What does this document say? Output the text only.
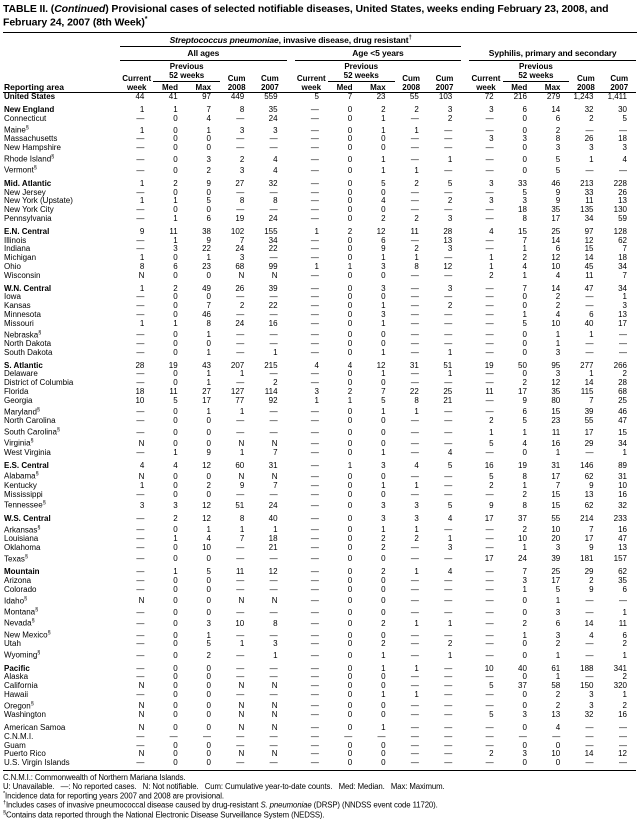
TABLE II. (Continued) Provisional cases of selected notifiable diseases, United States, weeks ending February 23, 2008, and February 24, 2007 (8th Week)*
Reporting area	Streptococcus pneumoniae, invasive disease, drug resistant†	
	All ages						Age <5 years						Syphilis, primary and secondary				
	Current week	Previous 52 weeks		Cum 2008	Cum 2007		Current week	Previous 52 weeks		Cum 2008	Cum 2007		Current week	Previous 52 weeks		Cum 2008	Cum 2007
		Med	Max					Med	Max					Med	Max		
United States	44	41	97	449	559		5	7	23	55	103		72	216	279	1,243	1,411
New England	1	1	7	8	35		—	0	2	2	3		3	6	14	32	30
Connecticut	—	0	4	—	24		—	0	1	—	2		—	0	6	2	5
Maine§	1	0	1	3	3		—	0	1	1	—		—	0	2	—	—
Massachusetts	—	0	0	—	—		—	0	0	—	—		3	3	8	26	18
New Hampshire	—	0	0	—	—		—	0	0	—	—		—	0	3	3	3
Rhode Island§	—	0	3	2	4		—	0	1	—	1		—	0	5	1	4
Vermont§	—	0	2	3	4		—	0	1	1	—		—	0	5	—	—
Mid. Atlantic	1	2	9	27	32		—	0	5	2	5		3	33	46	213	228
New Jersey	—	0	0	—	—		—	0	0	—	—		—	5	9	33	26
New York (Upstate)	1	1	5	8	8		—	0	4	—	2		3	3	9	11	13
New York City	—	0	0	—	—		—	0	0	—	—		—	18	35	135	130
Pennsylvania	—	1	6	19	24		—	0	2	2	3		—	8	17	34	59
E.N. Central	9	11	38	102	155		1	2	12	11	28		4	15	25	97	128
Illinois	—	1	9	7	34		—	0	6	—	13		—	7	14	12	62
Indiana	—	3	22	24	22		—	0	9	2	3		—	1	6	15	7
Michigan	1	0	1	3	—		—	0	1	1	—		1	2	12	14	18
Ohio	8	6	23	68	99		1	1	3	8	12		1	4	10	45	34
Wisconsin	N	0	0	N	N		—	0	0	—	—		2	1	4	11	7
W.N. Central	1	2	49	26	39		—	0	3	—	3		—	7	14	47	34
Iowa	—	0	0	—	—		—	0	0	—	—		—	0	2	—	1
Kansas	—	0	7	2	22		—	0	1	—	2		—	0	2	—	3
Minnesota	—	0	46	—	—		—	0	3	—	—		—	1	4	6	13
Missouri	1	1	8	24	16		—	0	1	—	—		—	5	10	40	17
Nebraska§	—	0	1	—	—		—	0	0	—	—		—	0	1	1	—
North Dakota	—	0	0	—	—		—	0	0	—	—		—	0	1	—	—
South Dakota	—	0	1	—	1		—	0	1	—	1		—	0	3	—	—
S. Atlantic	28	19	43	207	215		4	4	12	31	51		19	50	95	277	266
Delaware	—	0	1	1	—		—	0	1	—	1		—	0	3	1	2
District of Columbia	—	0	1	—	2		—	0	0	—	—		—	2	12	14	28
Florida	18	11	27	127	114		3	2	7	22	25		11	17	35	115	68
Georgia	10	5	17	77	92		1	1	5	8	21		—	9	80	7	25
Maryland§	—	0	1	1	—		—	0	1	1	—		—	6	15	39	46
North Carolina	—	0	0	—	—		—	0	0	—	—		2	5	23	55	47
South Carolina§	—	0	0	—	—		—	0	0	—	—		1	1	11	17	15
Virginia§	N	0	0	N	N		—	0	0	—	—		5	4	16	29	34
West Virginia	—	1	9	1	7		—	0	1	—	4		—	0	1	—	1
E.S. Central	4	4	12	60	31		—	1	3	4	5		16	19	31	146	89
Alabama§	N	0	0	N	N		—	0	0	—	—		5	8	17	62	31
Kentucky	1	0	2	9	7		—	0	1	1	—		2	1	7	9	10
Mississippi	—	0	0	—	—		—	0	0	—	—		—	2	15	13	16
Tennessee§	3	3	12	51	24		—	0	3	3	5		9	8	15	62	32
W.S. Central	—	2	12	8	40		—	0	3	3	4		17	37	55	214	233
Arkansas§	—	0	1	1	1		—	0	1	1	—		—	2	10	7	16
Louisiana	—	1	4	7	18		—	0	2	2	1		—	10	20	17	47
Oklahoma	—	0	10	—	21		—	0	2	—	3		—	1	3	9	13
Texas§	—	0	0	—	—		—	0	0	—	—		17	24	39	181	157
Mountain	—	1	5	11	12		—	0	2	1	4		—	7	25	29	62
Arizona	—	0	0	—	—		—	0	0	—	—		—	3	17	2	35
Colorado	—	0	0	—	—		—	0	0	—	—		—	1	5	9	6
Idaho§	N	0	0	N	N		—	0	0	—	—		—	0	1	—	—
Montana§	—	0	0	—	—		—	0	0	—	—		—	0	3	—	1
Nevada§	—	0	3	10	8		—	0	2	1	1		—	2	6	14	11
New Mexico§	—	0	1	—	—		—	0	0	—	—		—	1	3	4	6
Utah	—	0	5	1	3		—	0	2	—	2		—	0	2	—	2
Wyoming§	—	0	2	—	1		—	0	1	—	1		—	0	1	—	1
Pacific	—	0	0	—	—		—	0	1	1	—		10	40	61	188	341
Alaska	—	0	0	—	—		—	0	0	—	—		—	0	1	—	2
California	N	0	0	N	N		—	0	0	—	—		5	37	58	150	320
Hawaii	—	0	0	—	—		—	0	1	1	—		—	0	2	3	1
Oregon§	N	0	0	N	N		—	0	0	—	—		—	0	2	3	2
Washington	N	0	0	N	N		—	0	0	—	—		5	3	13	32	16
American Samoa	N	0	0	N	N		—	0	1	—	—		—	0	4	—	—
C.N.M.I.	—	—	—	—	—		—	—	—	—	—		—	—	—	—	—
Guam	—	0	0	—	—		—	0	0	—	—		—	0	0	—	—
Puerto Rico	N	0	0	N	N		—	0	0	—	—		2	3	10	14	12
U.S. Virgin Islands	—	0	0	—	—		—	0	0	—	—		—	0	0	—	—
C.N.M.I.: Commonwealth of Northern Mariana Islands.
U: Unavailable.   —: No reported cases.   N: Not notifiable.   Cum: Cumulative year-to-date counts.   Med: Median.   Max: Maximum.
*Incidence data for reporting years 2007 and 2008 are provisional.
†Includes cases of invasive pneumococcal disease caused by drug-resistant S. pneumoniae (DRSP) (NNDSS event code 11720).
§Contains data reported through the National Electronic Disease Surveillance System (NEDSS).
